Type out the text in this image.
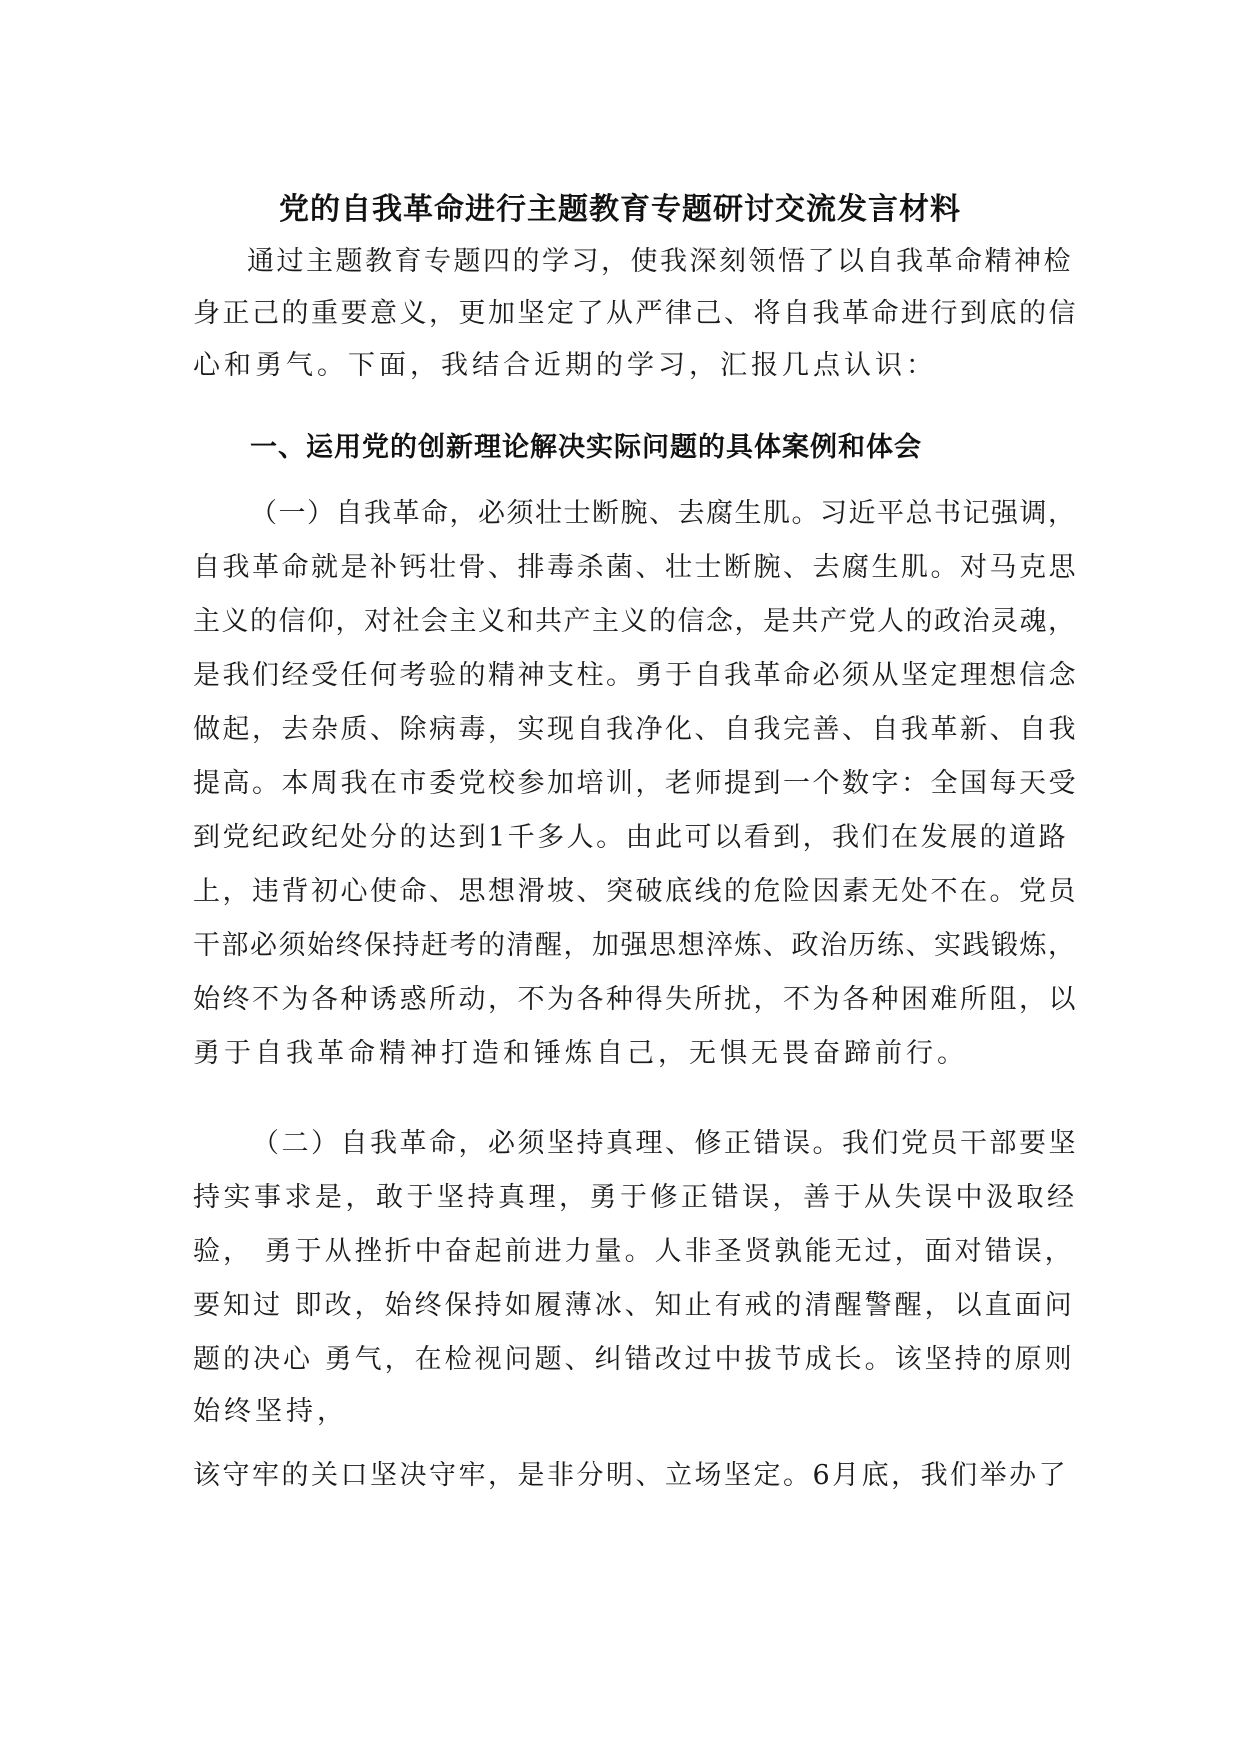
党的自我革命进行主题教育专题研讨交流发言材料
通过主题教育专题四的学习，使我深刻领悟了以自我革命精神检
身正己的重要意义，更加坚定了从严律己、将自我革命进行到底的信
心和勇气。下面，我结合近期的学习，汇报几点认识：
一、运用党的创新理论解决实际问题的具体案例和体会
（一）自我革命，必须壮士断腕、去腐生肌。习近平总书记强调，
自我革命就是补钙壮骨、排毒杀菌、壮士断腕、去腐生肌。对马克思
主义的信仰，对社会主义和共产主义的信念，是共产党人的政治灵魂，
是我们经受任何考验的精神支柱。勇于自我革命必须从坚定理想信念
做起，去杂质、除病毒，实现自我净化、自我完善、自我革新、自我
提高。本周我在市委党校参加培训，老师提到一个数字：全国每天受
到党纪政纪处分的达到1千多人。由此可以看到，我们在发展的道路
上，违背初心使命、思想滑坡、突破底线的危险因素无处不在。党员
干部必须始终保持赶考的清醒，加强思想淬炼、政治历练、实践锻炼，
始终不为各种诱惑所动，不为各种得失所扰，不为各种困难所阻，以
勇于自我革命精神打造和锤炼自己，无惧无畏奋蹄前行。
（二）自我革命，必须坚持真理、修正错误。我们党员干部要坚
持实事求是，敢于坚持真理，勇于修正错误，善于从失误中汲取经
验， 勇于从挫折中奋起前进力量。人非圣贤孰能无过，面对错误，
要知过 即改，始终保持如履薄冰、知止有戒的清醒警醒，以直面问
题的决心 勇气，在检视问题、纠错改过中拔节成长。该坚持的原则
始终坚持，
该守牢的关口坚决守牢，是非分明、立场坚定。6月底，我们举办了
